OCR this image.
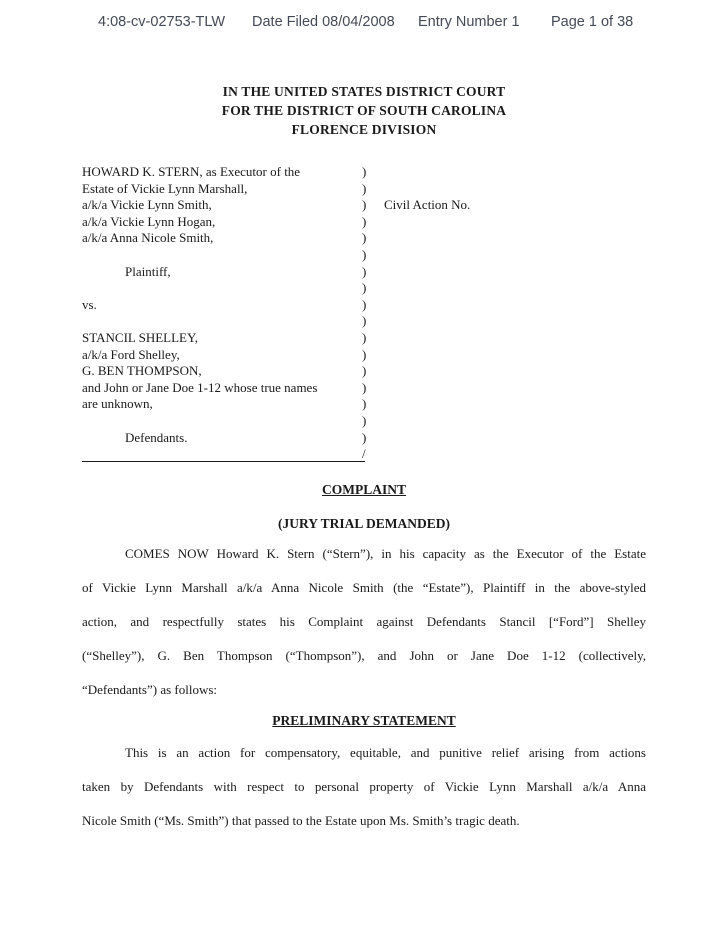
4:08-cv-02753-TLW Date Filed 08/04/2008 Entry Number 1 Page 1 of 38
IN THE UNITED STATES DISTRICT COURT
FOR THE DISTRICT OF SOUTH CAROLINA
FLORENCE DIVISION
HOWARD K. STERN, as Executor of the
Estate of Vickie Lynn Marshall,
a/k/a Vickie Lynn Smith,
a/k/a Vickie Lynn Hogan,
a/k/a Anna Nicole Smith,
Plaintiff,
vs.
STANCIL SHELLEY,
a/k/a Ford Shelley,
G. BEN THOMPSON,
and John or Jane Doe 1-12 whose true names
are unknown,
Defendants.
)
)
)
)
)
)
)
)
)
)
)
)
)
)
)
)
)
/
Civil Action No.
COMPLAINT
(JURY TRIAL DEMANDED)
COMES NOW Howard K. Stern (“Stern”), in his capacity as the Executor of the Estate
of Vickie Lynn Marshall a/k/a Anna Nicole Smith (the “Estate”), Plaintiff in the above-styled
action, and respectfully states his Complaint against Defendants Stancil [“Ford”] Shelley
(“Shelley”), G. Ben Thompson (“Thompson”), and John or Jane Doe 1-12 (collectively,
“Defendants”) as follows:
PRELIMINARY STATEMENT
This is an action for compensatory, equitable, and punitive relief arising from actions
taken by Defendants with respect to personal property of Vickie Lynn Marshall a/k/a Anna
Nicole Smith (“Ms. Smith”) that passed to the Estate upon Ms. Smith’s tragic death.
